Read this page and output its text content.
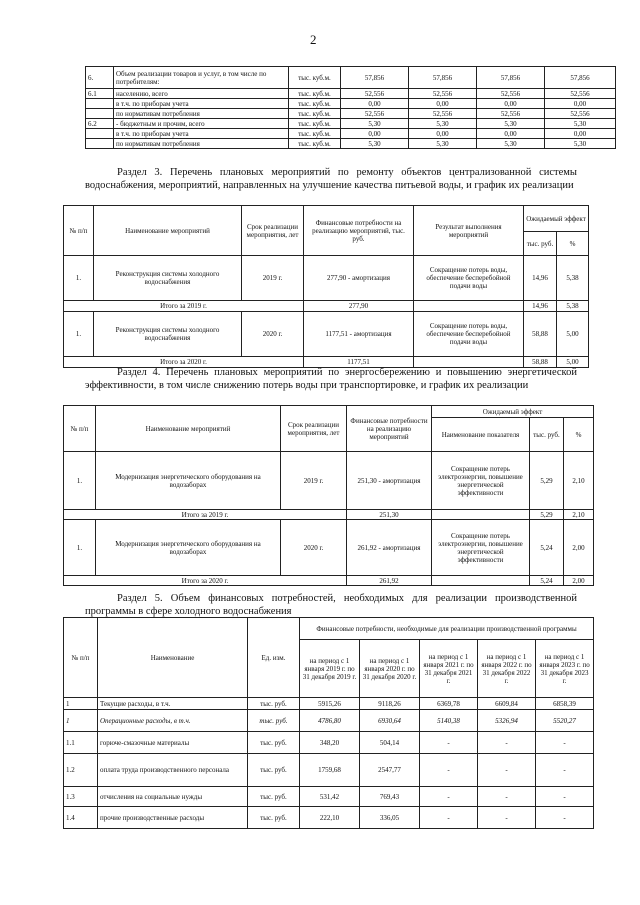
2
6.	Объем реализации товаров и услуг, в том числе по потребителям:	тыс. куб.м.	57,856	57,856	57,856	57,856
6.1	населению, всего	тыс. куб.м.	52,556	52,556	52,556	52,556
	в т.ч. по приборам учета	тыс. куб.м.	0,00	0,00	0,00	0,00
	по нормативам потребления	тыс. куб.м.	52,556	52,556	52,556	52,556
6.2	- бюджетным и прочим, всего	тыс. куб.м.	5,30	5,30	5,30	5,30
	в т.ч. по приборам учета	тыс. куб.м.	0,00	0,00	0,00	0,00
	по нормативам потребления	тыс. куб.м.	5,30	5,30	5,30	5,30
Раздел 3. Перечень плановых мероприятий по ремонту объектов централизованной системы водоснабжения, мероприятий, направленных на улучшение качества питьевой воды, и график их реализации
№ п/п	Наименование мероприятий	Срок реализации мероприятия, лет	Финансовые потребности на реализацию мероприятий, тыс. руб.	Результат выполнения мероприятий	Ожидаемый эффект	
					тыс. руб.	%
1.	Реконструкция системы холодного водоснабжения	2019 г.	277,90 - амортизация	Сокращение потерь воды, обеспечение бесперебойной подачи воды	14,96	5,38
Итого за 2019 г.			277,90		14,96	5,38
1.	Реконструкция системы холодного водоснабжения	2020 г.	1177,51 - амортизация	Сокращение потерь воды, обеспечение бесперебойной подачи воды	58,88	5,00
Итого за 2020 г.			1177,51		58,88	5,00
Раздел 4. Перечень плановых мероприятий по энергосбережению и повышению энергетической эффективности, в том числе снижению потерь воды при транспортировке, и график их реализации
№ п/п	Наименование мероприятий	Срок реализации мероприятия, лет	Финансовые потребности на реализацию мероприятий	Ожидаемый эффект		
				Наименование показателя	тыс. руб.	%
1.	Модернизация энергетического оборудования на водозаборах	2019 г.	251,30 - амортизация	Сокращение потерь электроэнергии, повышение энергетической эффективности	5,29	2,10
Итого за 2019 г.			251,30		5,29	2,10
1.	Модернизация энергетического оборудования на водозаборах	2020 г.	261,92 - амортизация	Сокращение потерь электроэнергии, повышение энергетической эффективности	5,24	2,00
Итого за 2020 г.			261,92		5,24	2,00
Раздел 5. Объем финансовых потребностей, необходимых для реализации производственной программы в сфере холодного водоснабжения
№ п/п	Наименование	Ед. изм.	Финансовые потребности, необходимые для реализации производственной программы				
			на период с 1 января 2019 г. по 31 декабря 2019 г.	на период с 1 января 2020 г. по 31 декабря 2020 г.	на период с 1 января 2021 г. по 31 декабря 2021 г.	на период с 1 января 2022 г. по 31 декабря 2022 г.	на период с 1 января 2023 г. по 31 декабря 2023 г.
1	Текущие расходы, в т.ч.	тыс. руб.	5915,26	9118,26	6369,78	6609,84	6858,39
1	Операционные расходы, в т.ч.	тыс. руб.	4786,80	6930,64	5140,38	5326,94	5520,27
1.1	горюче-смазочные материалы	тыс. руб.	348,20	504,14	-	-	-
1.2	оплата труда производственного персонала	тыс. руб.	1759,68	2547,77	-	-	-
1.3	отчисления на социальные нужды	тыс. руб.	531,42	769,43	-	-	-
1.4	прочие производственные расходы	тыс. руб.	222,10	336,05	-	-	-
